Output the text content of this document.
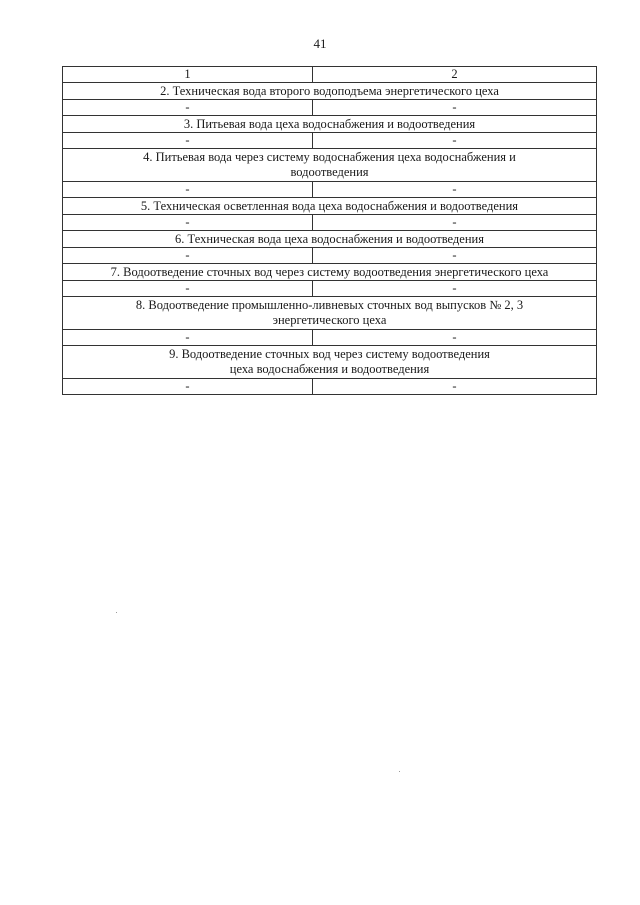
41
1	2
2. Техническая вода второго водоподъема энергетического цеха	
-	-
3. Питьевая вода цеха водоснабжения и водоотведения	
-	-
4. Питьевая вода через систему водоснабжения цеха водоснабжения и
водоотведения	
-	-
5. Техническая осветленная вода цеха водоснабжения и водоотведения	
-	-
6. Техническая вода цеха водоснабжения и водоотведения	
-	-
7. Водоотведение сточных вод через систему водоотведения энергетического цеха	
-	-
8. Водоотведение промышленно-ливневых сточных вод выпусков № 2, 3
энергетического цеха	
-	-
9. Водоотведение сточных вод через систему водоотведения
цеха водоснабжения и водоотведения	
-	-
